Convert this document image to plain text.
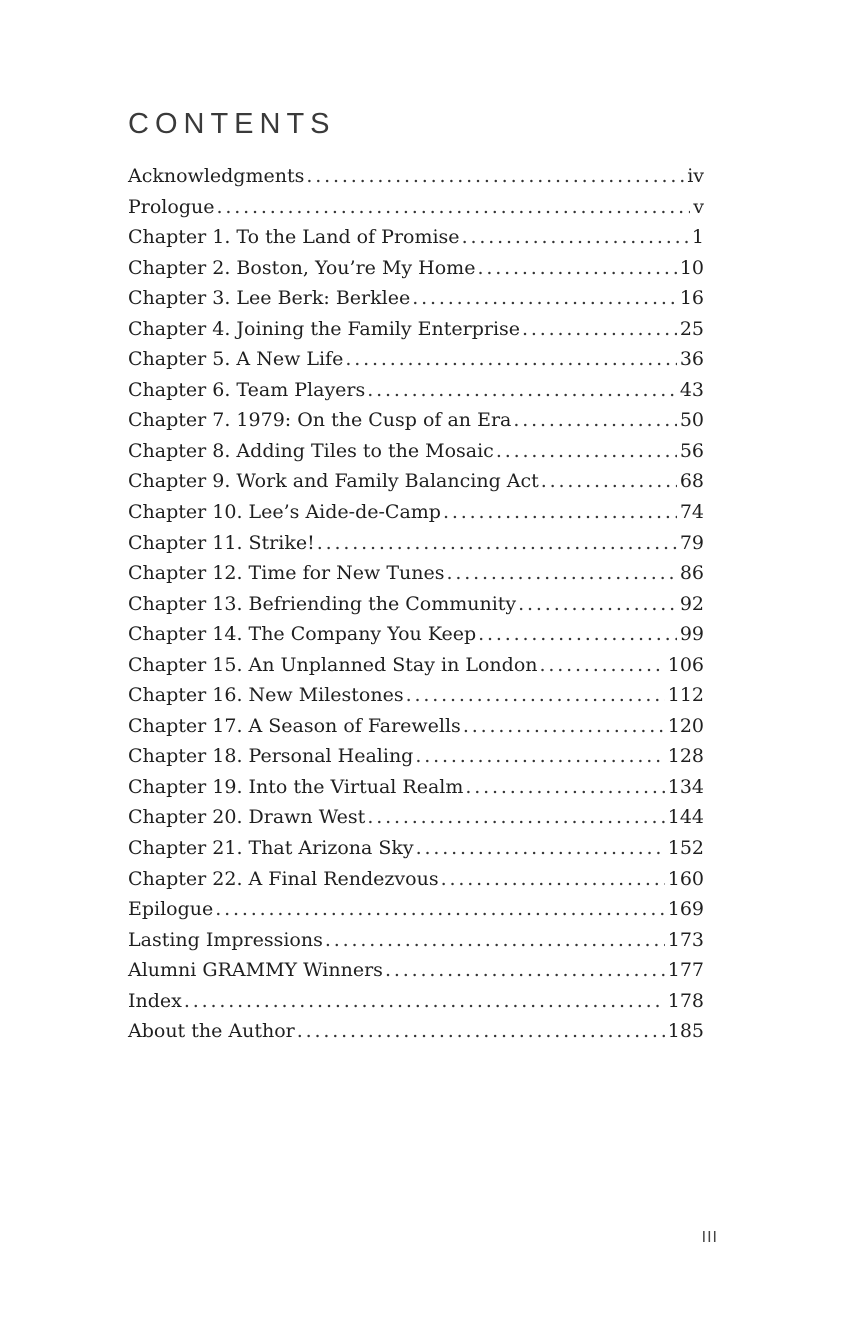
CONTENTS
Acknowledgments . . .	iv
Prologue . . .	v
Chapter 1. To the Land of Promise . . .	1
Chapter 2. Boston, You’re My Home . . .	10
Chapter 3. Lee Berk: Berklee . . .	16
Chapter 4. Joining the Family Enterprise . . .	25
Chapter 5. A New Life . . .	36
Chapter 6. Team Players . . .	43
Chapter 7. 1979: On the Cusp of an Era . . .	50
Chapter 8. Adding Tiles to the Mosaic . . .	56
Chapter 9. Work and Family Balancing Act . . .	68
Chapter 10. Lee’s Aide-de-Camp . . .	74
Chapter 11. Strike! . . .	79
Chapter 12. Time for New Tunes . . .	86
Chapter 13. Befriending the Community . . .	92
Chapter 14. The Company You Keep . . .	99
Chapter 15. An Unplanned Stay in London . . .	106
Chapter 16. New Milestones . . .	112
Chapter 17. A Season of Farewells . . .	120
Chapter 18. Personal Healing . . .	128
Chapter 19. Into the Virtual Realm . . .	134
Chapter 20. Drawn West . . .	144
Chapter 21. That Arizona Sky . . .	152
Chapter 22. A Final Rendezvous . . .	160
Epilogue . . .	169
Lasting Impressions . . .	173
Alumni GRAMMY Winners . . .	177
Index . . .	178
About the Author . . .	185
III
